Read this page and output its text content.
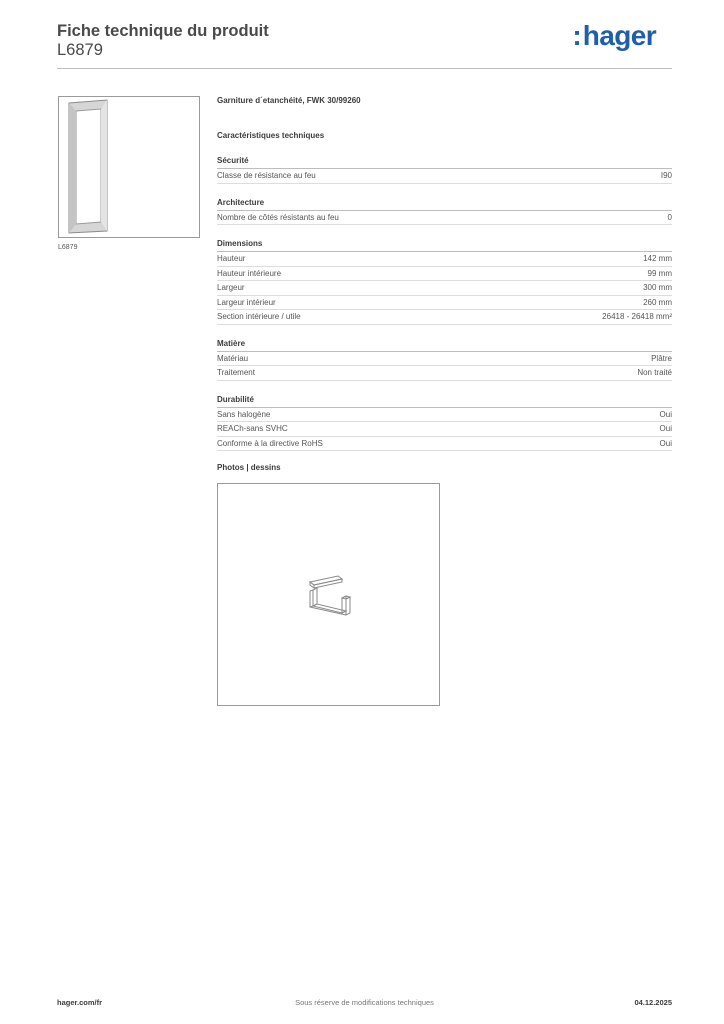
Fiche technique du produit
L6879	:hager
L6879
Garniture d´etanchéité, FWK 30/99260
Caractéristiques techniques
Sécurité
Classe de résistance au feu	I90
Architecture
Nombre de côtés résistants au feu	0
Dimensions
Hauteur	142 mm
Hauteur intérieure	99 mm
Largeur	300 mm
Largeur intérieur	260 mm
Section intérieure / utile	26418 - 26418 mm²
Matière
Matériau	Plâtre
Traitement	Non traité
Durabilité
Sans halogène	Oui
REACh-sans SVHC	Oui
Conforme à la directive RoHS	Oui
Photos | dessins
hager.com/fr	Sous réserve de modifications techniques	04.12.2025
